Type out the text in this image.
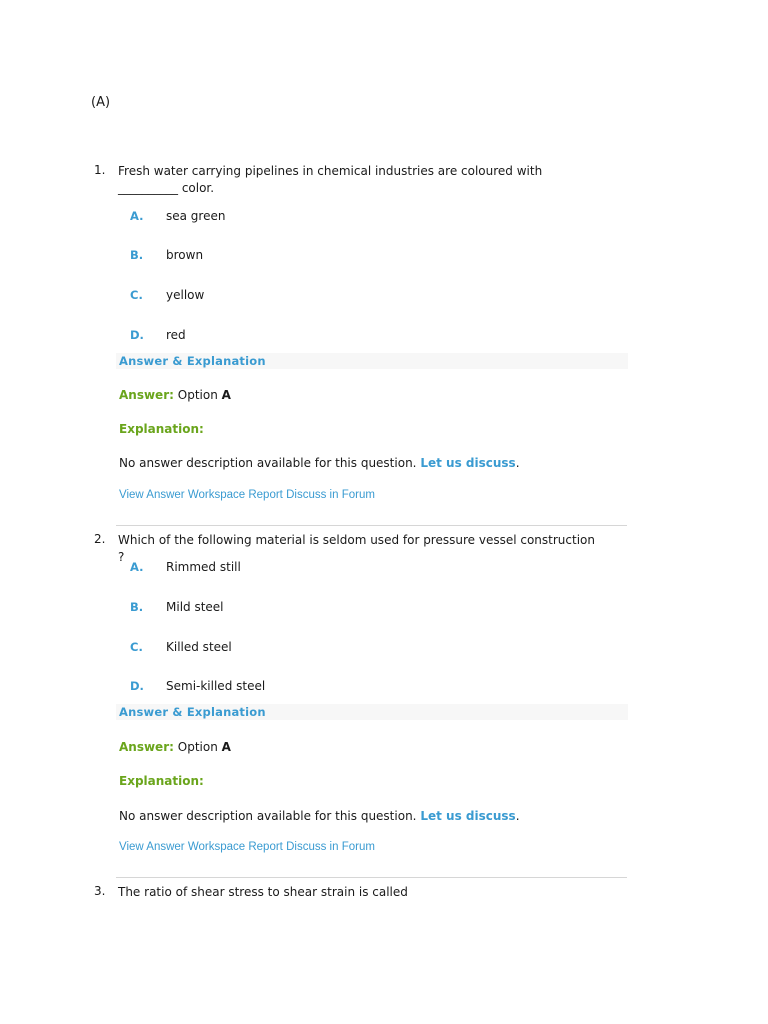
(A)
1. Fresh water carrying pipelines in chemical industries are coloured with __________ color.
A. sea green
B. brown
C. yellow
D. red
Answer & Explanation
Answer: Option A
Explanation:
No answer description available for this question. Let us discuss.
View Answer Workspace Report Discuss in Forum
2. Which of the following material is seldom used for pressure vessel construction ?
A. Rimmed still
B. Mild steel
C. Killed steel
D. Semi-killed steel
Answer & Explanation
Answer: Option A
Explanation:
No answer description available for this question. Let us discuss.
View Answer Workspace Report Discuss in Forum
3. The ratio of shear stress to shear strain is called
